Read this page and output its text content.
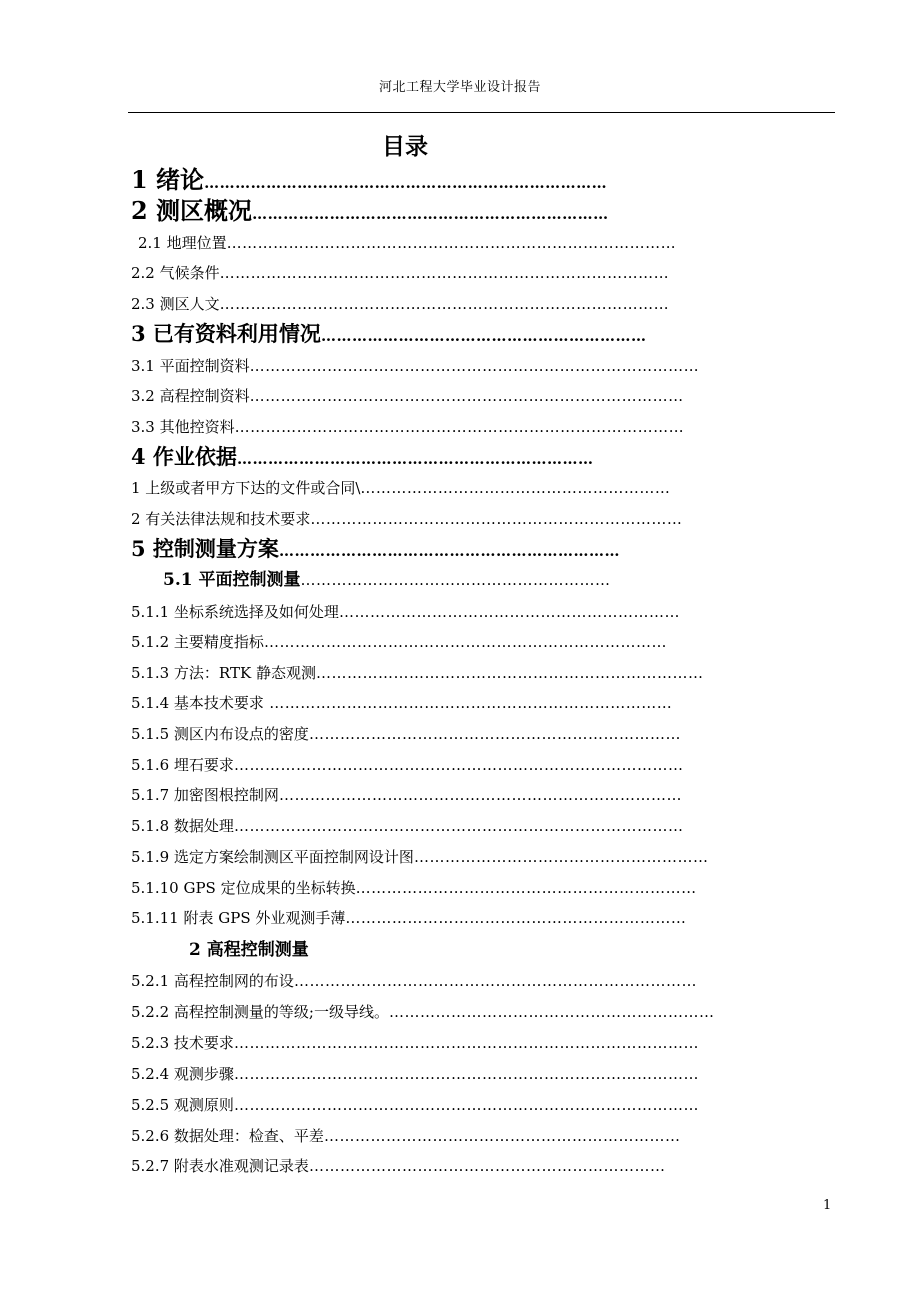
河北工程大学毕业设计报告
目录
1 绪论……………………………………………………………………
2 测区概况……………………………………………………………
2.1 地理位置……………………………………………………………………………
2.2 气候条件……………………………………………………………………………
2.3 测区人文……………………………………………………………………………
3 已有资料利用情况………………………………………………………
3.1 平面控制资料……………………………………………………………………………
3.2 高程控制资料…………………………………………………………………………
3.3 其他控资料……………………………………………………………………………
4 作业依据……………………………………………………………
1 上级或者甲方下达的文件或合同\……………………………………………………
2 有关法律法规和技术要求………………………………………………………………
5 控制测量方案…………………………………………………………
5.1 平面控制测量……………………………………………………
5.1.1 坐标系统选择及如何处理…………………………………………………………
5.1.2 主要精度指标……………………………………………………………………
5.1.3 方法：RTK 静态观测…………………………………………………………………
5.1.4 基本技术要求 ……………………………………………………………………
5.1.5 测区内布设点的密度………………………………………………………………
5.1.6 埋石要求……………………………………………………………………………
5.1.7 加密图根控制网……………………………………………………………………
5.1.8 数据处理……………………………………………………………………………
5.1.9 选定方案绘制测区平面控制网设计图…………………………………………………
5.1.10 GPS 定位成果的坐标转换…………………………………………………………
5.1.11 附表 GPS 外业观测手薄…………………………………………………………
2 高程控制测量
5.2.1 高程控制网的布设……………………………………………………………………
5.2.2 高程控制测量的等级;一级导线。………………………………………………………
5.2.3 技术要求………………………………………………………………………………
5.2.4 观测步骤………………………………………………………………………………
5.2.5 观测原则………………………………………………………………………………
5.2.6 数据处理：检查、平差……………………………………………………………
5.2.7 附表水准观测记录表……………………………………………………………
1
